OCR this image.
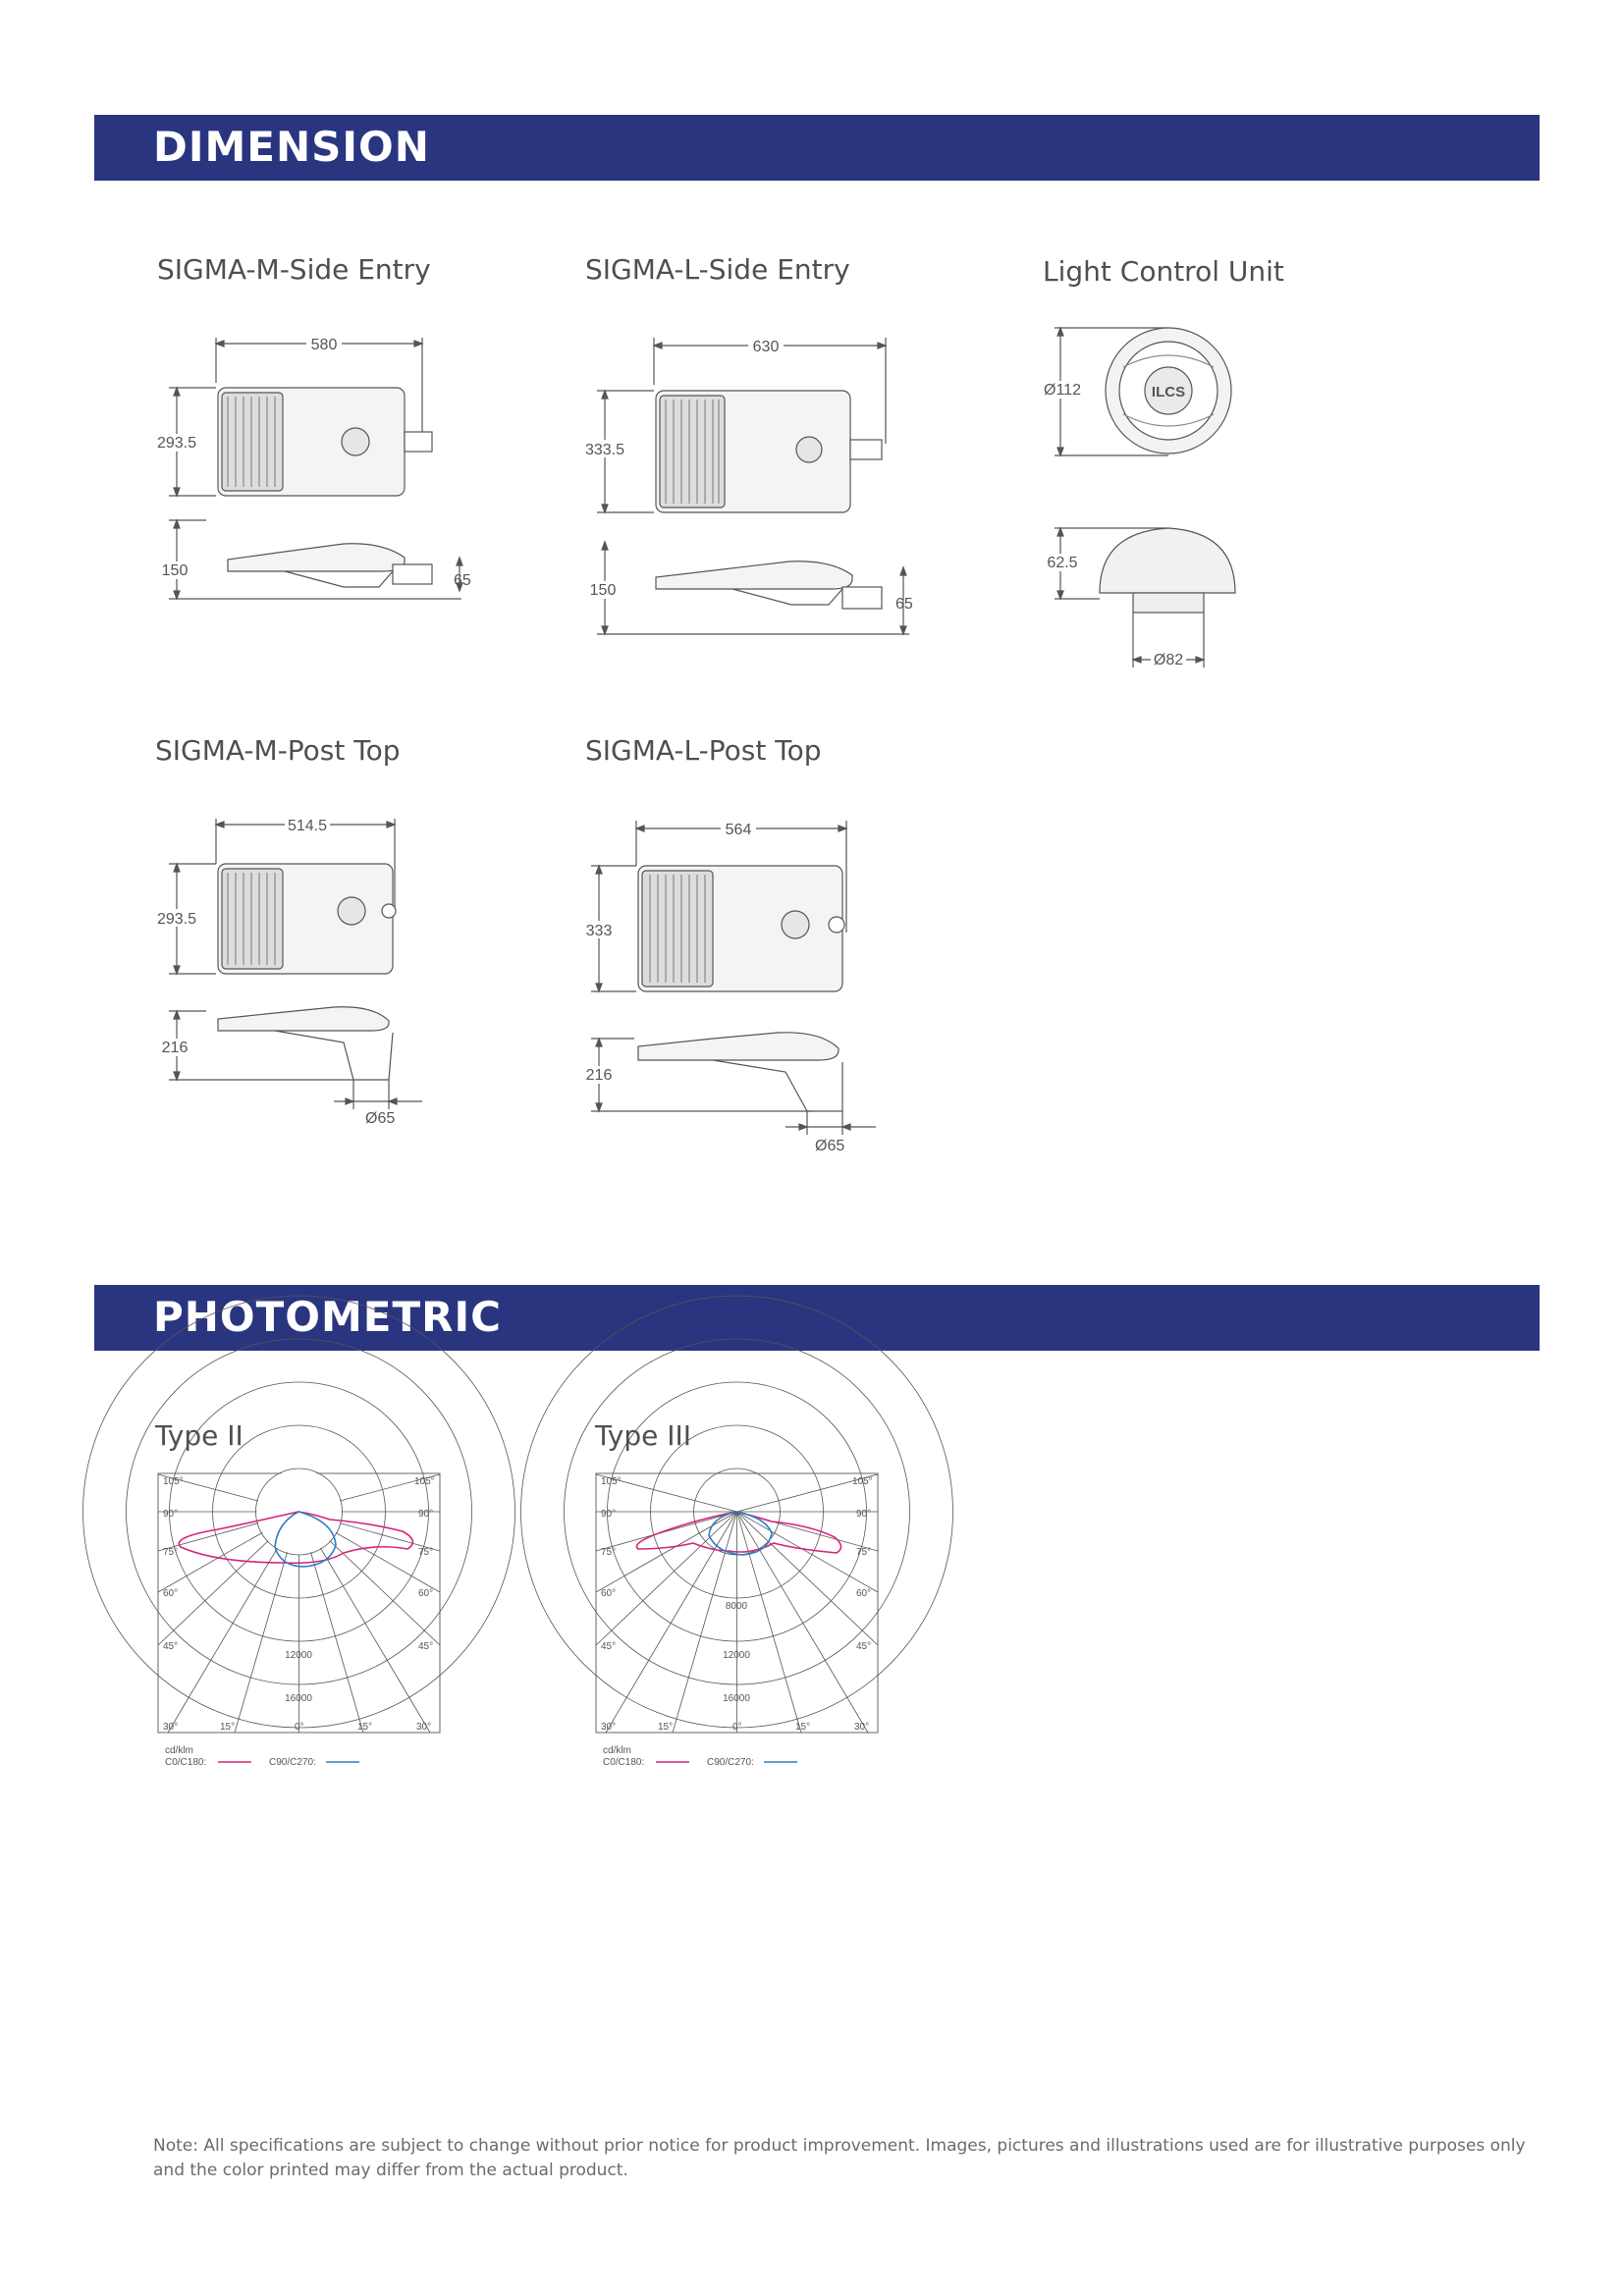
DIMENSION
SIGMA-M-Side Entry	SIGMA-L-Side Entry	Light Control Unit
SIGMA-M-Post Top	SIGMA-L-Post Top
580
293.5
150
65
630
333.5
150
65
ILCS
Ø112
62.5
Ø82
514.5
293.5
216
Ø65
564
333
216
Ø65
PHOTOMETRIC
Type II	Type III
105°	105°
90°	90°
75°	75°
60°	60°
45°	45°
30°	30°
15°	15°
0°
12000
16000
cd/klm
C0/C180:	C90/C270:
105°	105°
90°	90°
75°	75°
60°	60°
45°	45°
30°	30°
15°	15°
0°
8000
12000
16000
cd/klm
C0/C180:	C90/C270:
Note: All specifications are subject to change without prior notice for product improvement. Images, pictures and illustrations used are for illustrative purposes only
and the color printed may differ from the actual product.
